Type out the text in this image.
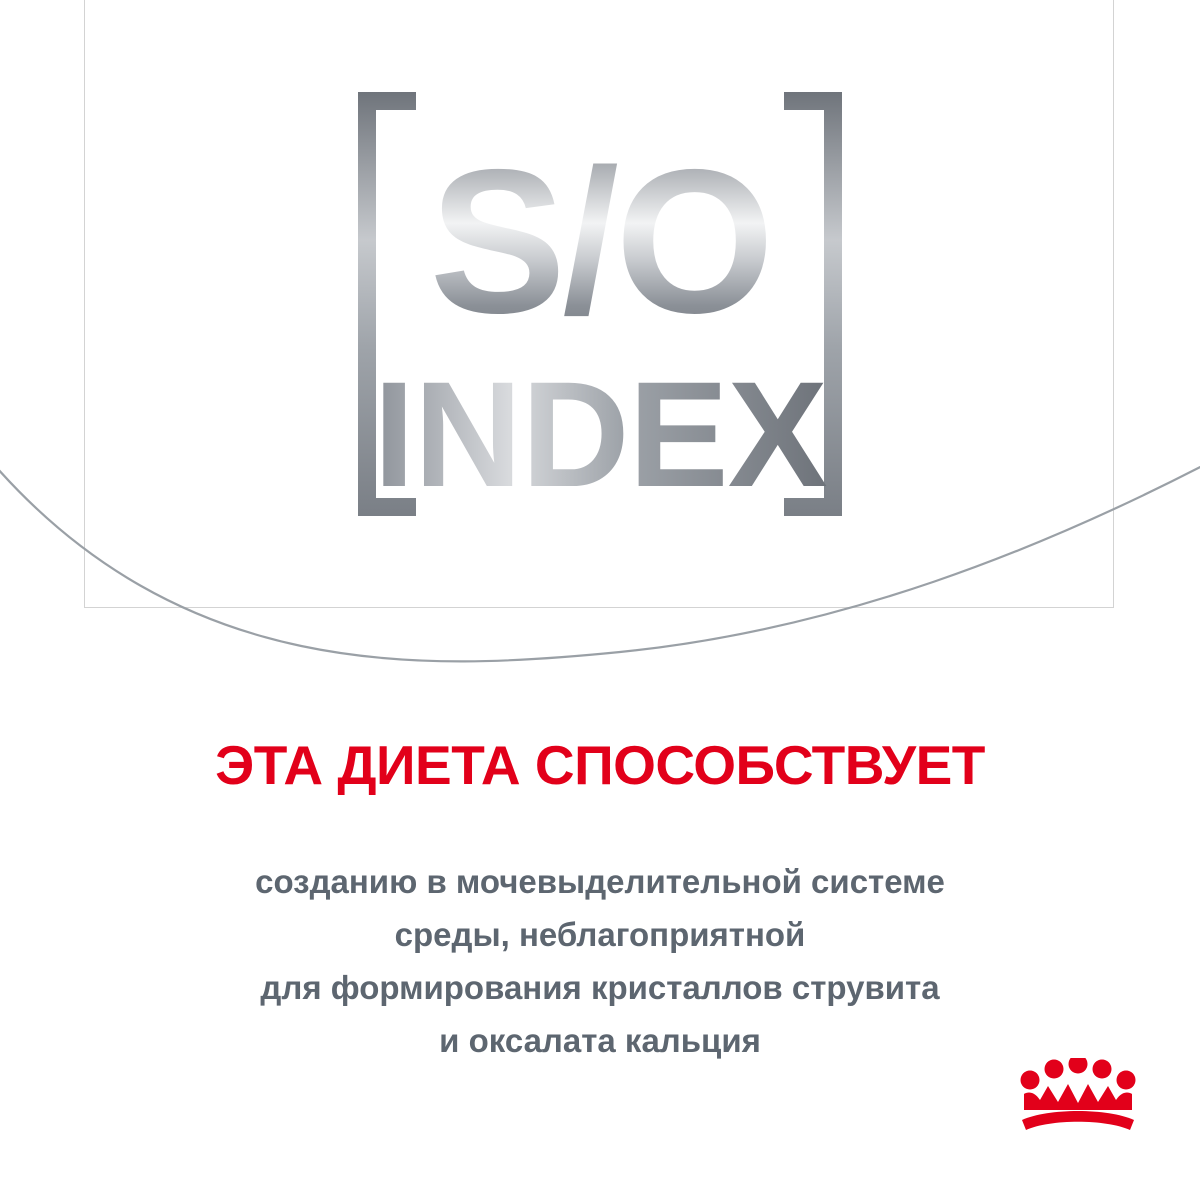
S/O
INDEX
ЭТА ДИЕТА СПОСОБСТВУЕТ
созданию в мочевыделительной системе
среды, неблагоприятной
для формирования кристаллов струвита
и оксалата кальция
